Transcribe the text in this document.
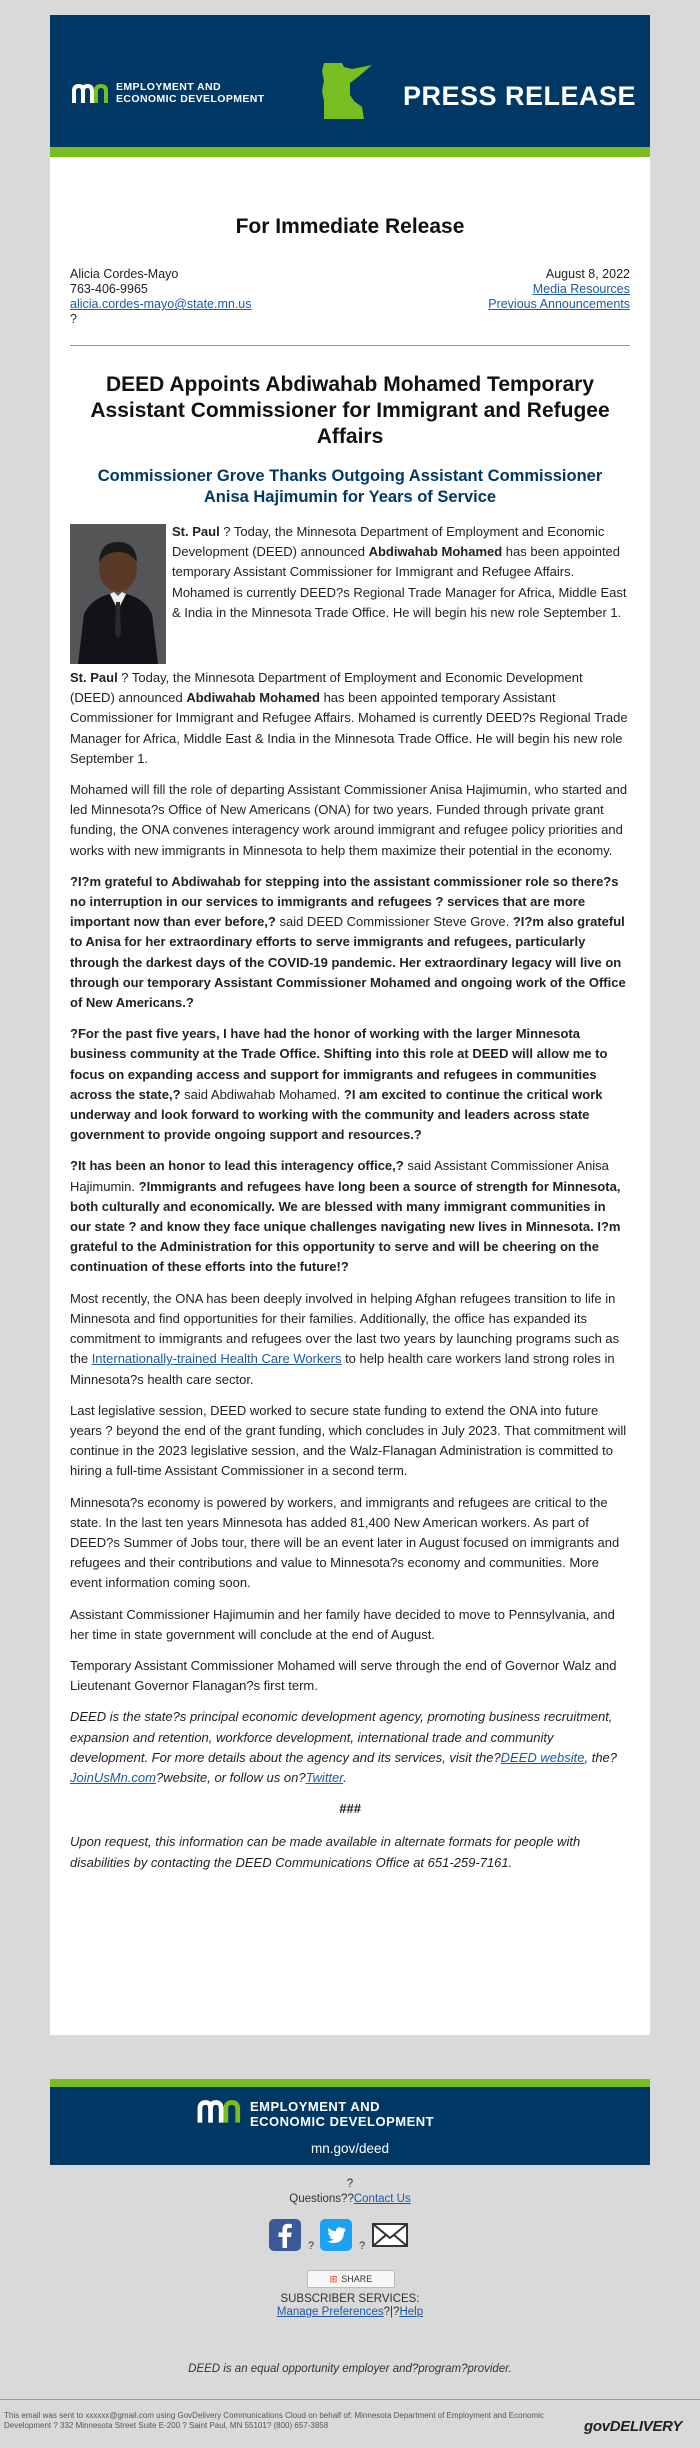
EMPLOYMENT AND
ECONOMIC DEVELOPMENT	PRESS RELEASE
For Immediate Release
Alicia Cordes-Mayo
763-406-9965
alicia.cordes-mayo@state.mn.us
?
August 8, 2022
Media Resources
Previous Announcements
DEED Appoints Abdiwahab Mohamed Temporary Assistant Commissioner for Immigrant and Refugee Affairs
Commissioner Grove Thanks Outgoing Assistant Commissioner Anisa Hajimumin for Years of Service

St. Paul ? Today, the Minnesota Department of Employment and Economic Development (DEED) announced Abdiwahab Mohamed has been appointed temporary Assistant Commissioner for Immigrant and Refugee Affairs. Mohamed is currently DEED?s Regional Trade Manager for Africa, Middle East & India in the Minnesota Trade Office. He will begin his new role September 1.

St. Paul ? Today, the Minnesota Department of Employment and Economic Development (DEED) announced Abdiwahab Mohamed has been appointed temporary Assistant Commissioner for Immigrant and Refugee Affairs. Mohamed is currently DEED?s Regional Trade Manager for Africa, Middle East & India in the Minnesota Trade Office. He will begin his new role September 1.

Mohamed will fill the role of departing Assistant Commissioner Anisa Hajimumin, who started and led Minnesota?s Office of New Americans (ONA) for two years. Funded through private grant funding, the ONA convenes interagency work around immigrant and refugee policy priorities and works with new immigrants in Minnesota to help them maximize their potential in the economy.

?I?m grateful to Abdiwahab for stepping into the assistant commissioner role so there?s no interruption in our services to immigrants and refugees ? services that are more important now than ever before,? said DEED Commissioner Steve Grove. ?I?m also grateful to Anisa for her extraordinary efforts to serve immigrants and refugees, particularly through the darkest days of the COVID-19 pandemic. Her extraordinary legacy will live on through our temporary Assistant Commissioner Mohamed and ongoing work of the Office of New Americans.?

?For the past five years, I have had the honor of working with the larger Minnesota business community at the Trade Office. Shifting into this role at DEED will allow me to focus on expanding access and support for immigrants and refugees in communities across the state,? said Abdiwahab Mohamed. ?I am excited to continue the critical work underway and look forward to working with the community and leaders across state government to provide ongoing support and resources.?

?It has been an honor to lead this interagency office,? said Assistant Commissioner Anisa Hajimumin. ?Immigrants and refugees have long been a source of strength for Minnesota, both culturally and economically. We are blessed with many immigrant communities in our state ? and know they face unique challenges navigating new lives in Minnesota. I?m grateful to the Administration for this opportunity to serve and will be cheering on the continuation of these efforts into the future!?

Most recently, the ONA has been deeply involved in helping Afghan refugees transition to life in Minnesota and find opportunities for their families. Additionally, the office has expanded its commitment to immigrants and refugees over the last two years by launching programs such as the Internationally-trained Health Care Workers to help health care workers land strong roles in Minnesota?s health care sector.

Last legislative session, DEED worked to secure state funding to extend the ONA into future years ? beyond the end of the grant funding, which concludes in July 2023. That commitment will continue in the 2023 legislative session, and the Walz-Flanagan Administration is committed to hiring a full-time Assistant Commissioner in a second term.

Minnesota?s economy is powered by workers, and immigrants and refugees are critical to the state. In the last ten years Minnesota has added 81,400 New American workers. As part of DEED?s Summer of Jobs tour, there will be an event later in August focused on immigrants and refugees and their contributions and value to Minnesota?s economy and communities. More event information coming soon.

Assistant Commissioner Hajimumin and her family have decided to move to Pennsylvania, and her time in state government will conclude at the end of August.

Temporary Assistant Commissioner Mohamed will serve through the end of Governor Walz and Lieutenant Governor Flanagan?s first term.

DEED is the state?s principal economic development agency, promoting business recruitment, expansion and retention, workforce development, international trade and community development. For more details about the agency and its services, visit the?DEED website, the?JoinUsMn.com?website, or follow us on?Twitter.

###

Upon request, this information can be made available in alternate formats for people with disabilities by contacting the DEED Communications Office at 651-259-7161.

EMPLOYMENT AND
ECONOMIC DEVELOPMENT
mn.gov/deed
?
Questions??Contact Us
?	?
⊞ SHARE
SUBSCRIBER SERVICES:
Manage Preferences?|?Help
DEED is an equal opportunity employer and?program?provider.
This email was sent to xxxxxx@gmail.com using GovDelivery Communications Cloud on behalf of: Minnesota Department of Employment and Economic Development ? 332 Minnesota Street Suite E-200 ? Saint Paul, MN 55101? (800) 657-3858	govDELIVERY
